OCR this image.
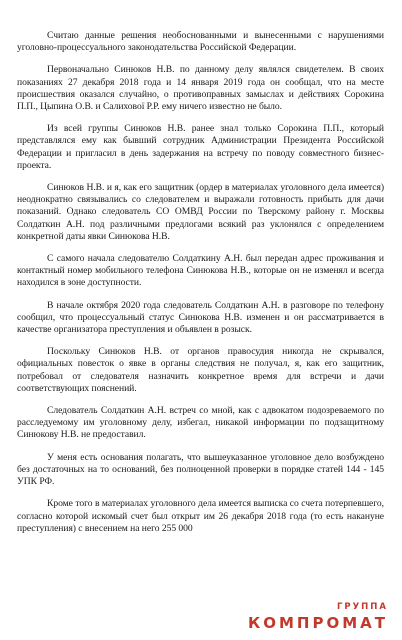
Считаю данные решения необоснованными и вынесенными с нарушениями уголовно-процессуального законодательства Российской Федерации.

Первоначально Синюков Н.В. по данному делу являлся свидетелем. В своих показаниях 27 декабря 2018 года и 14 января 2019 года он сообщал, что на месте происшествия оказался случайно, о противоправных замыслах и действиях Сорокина П.П., Цыпина О.В. и Салихової Р.Р. ему ничего известно не было.

Из всей группы Синюков Н.В. ранее знал только Сорокина П.П., который представлялся ему как бывший сотрудник Администрации Президента Российской Федерации и пригласил в день задержания на встречу по поводу совместного бизнес-проекта.

Синюков Н.В. и я, как его защитник (ордер в материалах уголовного дела имеется) неоднократно связывались со следователем и выражали готовность прибыть для дачи показаний. Однако следователь СО ОМВД России по Тверскому району г. Москвы Солдаткин А.Н. под различными предлогами всякий раз уклонялся с определением конкретной даты явки Синюкова Н.В.

С самого начала следователю Солдаткину А.Н. был передан адрес проживания и контактный номер мобильного телефона Синюкова Н.В., которые он не изменял и всегда находился в зоне доступности.

В начале октября 2020 года следователь Солдаткин А.Н. в разговоре по телефону сообщил, что процессуальный статус Синюкова Н.В. изменен и он рассматривается в качестве организатора преступления и объявлен в розыск.

Поскольку Синюков Н.В. от органов правосудия никогда не скрывался, официальных повесток о явке в органы следствия не получал, я, как его защитник, потребовал от следователя назначить конкретное время для встречи и дачи соответствующих пояснений.

Следователь Солдаткин А.Н. встреч со мной, как с адвокатом подозреваемого по расследуемому им уголовному делу, избегал, никакой информации по подзащитному Синюкову Н.В. не предоставил.

У меня есть основания полагать, что вышеуказанное уголовное дело возбуждено без достаточных на то оснований, без полноценной проверки в порядке статей 144 - 145 УПК РФ.

Кроме того в материалах уголовного дела имеется выписка со счета потерпевшего, согласно которой искомый счет был открыт им 26 декабря 2018 года (то есть накануне преступления) с внесением на него 255 000

ГРУППА
КОМПРОМАТ
